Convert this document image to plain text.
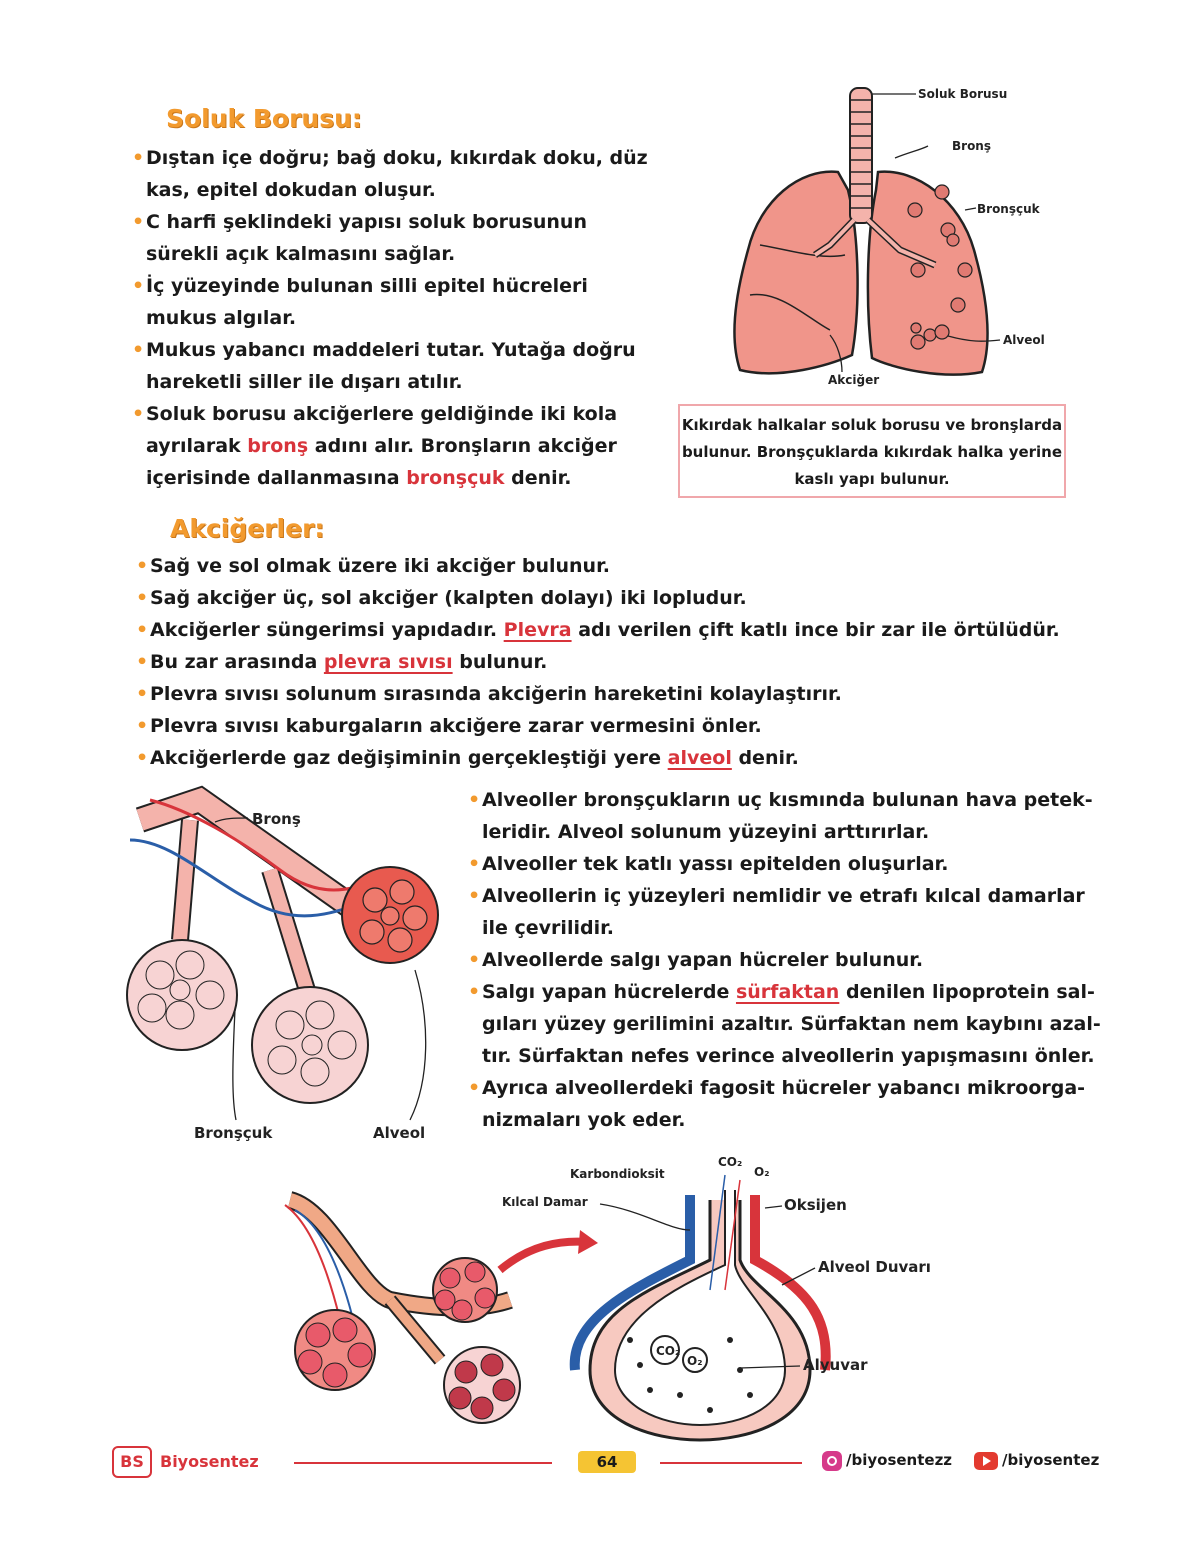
Soluk Borusu:
• Dıştan içe doğru; bağ doku, kıkırdak doku, düz kas, epitel dokudan oluşur.
• C harfi şeklindeki yapısı soluk borusunun sürekli açık kalmasını sağlar.
• İç yüzeyinde bulunan silli epitel hücreleri mukus algılar.
• Mukus yabancı maddeleri tutar. Yutağa doğru hareketli siller ile dışarı atılır.
• Soluk borusu akciğerlere geldiğinde iki kola ayrılarak bronş adını alır. Bronşların akciğer içerisinde dallanmasına bronşçuk denir.
Soluk Borusu
Bronş
Bronşçuk
Alveol
Akciğer
Kıkırdak halkalar soluk borusu ve bronşlarda bulunur. Bronşçuklarda kıkırdak halka yerine kaslı yapı bulunur.
Akciğerler:
• Sağ ve sol olmak üzere iki akciğer bulunur.
• Sağ akciğer üç, sol akciğer (kalpten dolayı) iki lopludur.
• Akciğerler süngerimsi yapıdadır. Plevra adı verilen çift katlı ince bir zar ile örtülüdür.
• Bu zar arasında plevra sıvısı bulunur.
• Plevra sıvısı solunum sırasında akciğerin hareketini kolaylaştırır.
• Plevra sıvısı kaburgaların akciğere zarar vermesini önler.
• Akciğerlerde gaz değişiminin gerçekleştiği yere alveol denir.
Bronş
Bronşçuk	Alveol
• Alveoller bronşçukların uç kısmında bulunan hava petek-leridir. Alveol solunum yüzeyini arttırırlar.
• Alveoller tek katlı yassı epitelden oluşurlar.
• Alveollerin iç yüzeyleri nemlidir ve etrafı kılcal damarlar ile çevrilidir.
• Alveollerde salgı yapan hücreler bulunur.
• Salgı yapan hücrelerde sürfaktan denilen lipoprotein sal-gıları yüzey gerilimini azaltır. Sürfaktan nem kaybını azal-tır. Sürfaktan nefes verince alveollerin yapışmasını önler.
• Ayrıca alveollerdeki fagosit hücreler yabancı mikroorga-nizmaları yok eder.
Karbondioksit
Kılcal Damar
CO₂
O₂
CO₂
O₂
Oksijen
Alveol Duvarı
Alyuvar
BS	Biyosentez	64	/biyosentezz	/biyosentez
